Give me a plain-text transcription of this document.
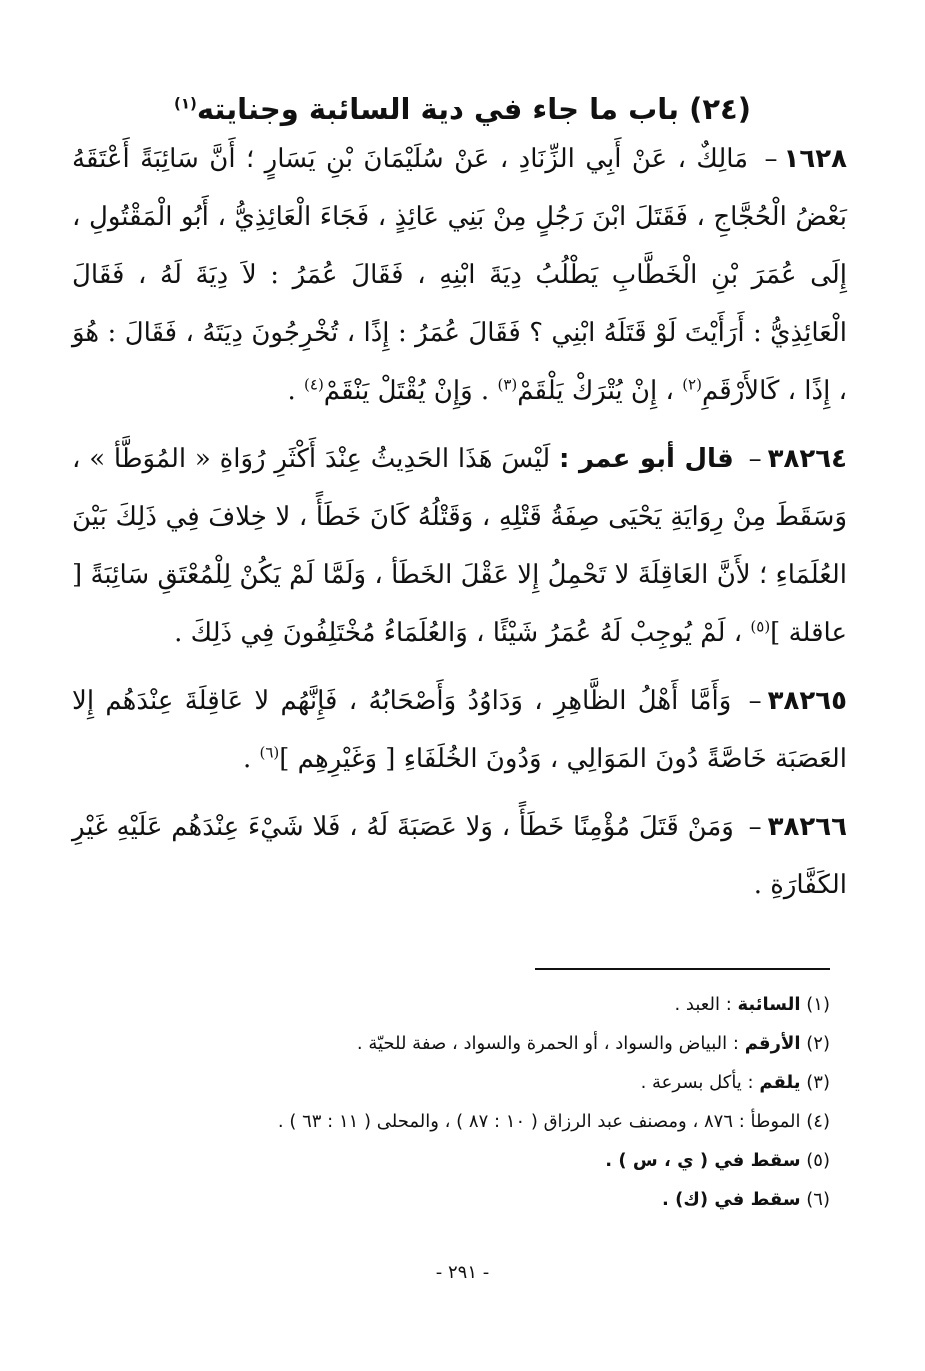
(٢٤) باب ما جاء في دية السائبة وجنايته$^{(١)}$

١٦٢٨– مَالِكٌ ، عَنْ أَبِي الزِّنَادِ ، عَنْ سُلَيْمَانَ بْنِ يَسَارٍ ؛ أَنَّ سَائِبَةً أَعْتَقَهُ بَعْضُ الْحُجَّاجِ ، فَقَتَلَ ابْنَ رَجُلٍ مِنْ بَنِي عَائِذٍ ، فَجَاءَ الْعَائِذِيُّ ، أَبُو الْمَقْتُولِ ، إِلَى عُمَرَ بْنِ الْخَطَّابِ يَطْلُبُ دِيَةَ ابْنِهِ ، فَقَالَ عُمَرُ : لاَ دِيَةَ لَهُ ، فَقَالَ الْعَائِذِيُّ : أَرَأَيْتَ لَوْ قَتَلَهُ ابْنِي ؟ فَقَالَ عُمَرُ : إِذًا ، تُخْرِجُونَ دِيَتَهُ ، فَقَالَ : هُوَ ، إِذًا ، كَالأَرْقَمِ$^{(٢)}$ ، إِنْ يُتْرَكْ يَلْقَمْ$^{(٣)}$ . وَإِنْ يُقْتَلْ يَنْقَمْ$^{(٤)}$ .

٣٨٢٦٤– قال أبو عمر : لَيْسَ هَذَا الحَدِيثُ عِنْدَ أَكْثَرِ رُوَاةِ « المُوَطَّأ » ، وَسَقَطَ مِنْ رِوَايَةِ يَحْيَى صِفَةُ قَتْلِهِ ، وَقَتْلُهُ كَانَ خَطَأً ، لا خِلافَ فِي ذَلِكَ بَيْنَ العُلَمَاءِ ؛ لأَنَّ العَاقِلَةَ لا تَحْمِلُ إِلا عَقْلَ الخَطَأ ، وَلَمَّا لَمْ يَكُنْ لِلْمُعْتَقِ سَائِبَةً [ عاقلة ]$^{(٥)}$ ، لَمْ يُوجِبْ لَهُ عُمَرُ شَيْئًا ، وَالعُلَمَاءُ مُخْتَلِفُونَ فِي ذَلِكَ .

٣٨٢٦٥– وَأَمَّا أَهْلُ الظَّاهِرِ ، وَدَاوُدُ وَأَصْحَابُهُ ، فَإِنَّهُم لا عَاقِلَةَ عِنْدَهُم إِلا العَصَبَة خَاصَّةً دُونَ المَوَالِي ، وَدُونَ الخُلَفَاءِ [ وَغَيْرِهِم ]$^{(٦)}$ .

٣٨٢٦٦– وَمَنْ قَتَلَ مُؤْمِنًا خَطَأً ، وَلا عَصَبَةَ لَهُ ، فَلا شَيْءَ عِنْدَهُم عَلَيْهِ غَيْرِ الكَفَّارَةِ .

(١) السائبة : العبد .

(٢) الأرقم : البياض والسواد ، أو الحمرة والسواد ، صفة للحيّة .

(٣) يلقم : يأكل بسرعة .

(٤) الموطأ : ٨٧٦ ، ومصنف عبد الرزاق ( ١٠ : ٨٧ ) ، والمحلى ( ١١ : ٦٣ ) .

(٥) سقط في ( ي ، س ) .

(٦) سقط في (ك) .

- ٢٩١ -
